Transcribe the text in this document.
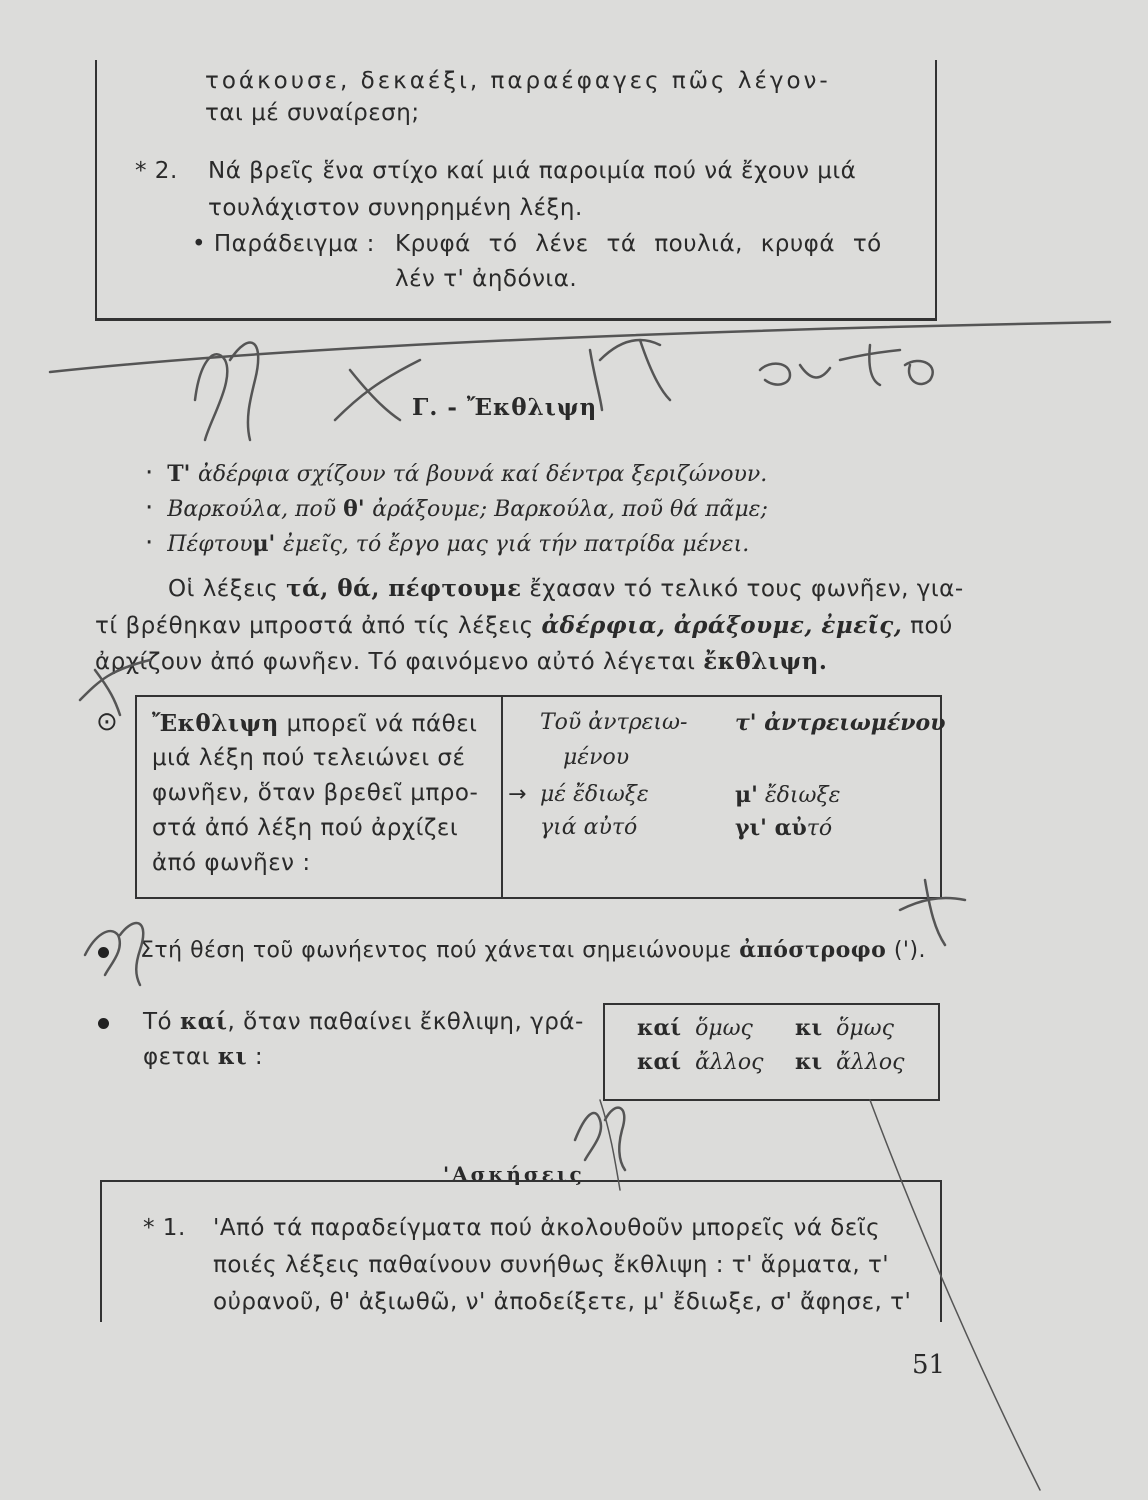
τοάκουσε, δεκαέξι, παραέφαγες πῶς λέγον-
ται μέ συναίρεση;
* 2. Νά βρεῖς ἕνα στίχο καί μιά παροιμία πού νά ἔχουν μιά
τουλάχιστον συνηρημένη λέξη.
• Παράδειγμα : Κρυφά τό λένε τά πουλιά, κρυφά τό
λέν τ' ἀηδόνια.
Γ. - Ἔκθλιψη
· Τ' ἀδέρφια σχίζουν τά βουνά καί δέντρα ξεριζώνουν.
· Βαρκούλα, ποῦ θ' ἀράξουμε; Βαρκούλα, ποῦ θά πᾶμε;
· Πέφτουμ' ἐμεῖς, τό ἔργο μας γιά τήν πατρίδα μένει.
Οἱ λέξεις τά, θά, πέφτουμε ἔχασαν τό τελικό τους φωνῆεν, για-
τί βρέθηκαν μπροστά ἀπό τίς λέξεις ἀδέρφια, ἀράξουμε, ἐμεῖς, πού
ἀρχίζουν ἀπό φωνῆεν. Τό φαινόμενο αὐτό λέγεται ἔκθλιψη.
⊙ Ἔκθλιψη μπορεῖ νά πάθει
μιά λέξη πού τελειώνει σέ
φωνῆεν, ὅταν βρεθεῖ μπρο-
στά ἀπό λέξη πού ἀρχίζει
ἀπό φωνῆεν :
Τοῦ ἀντρειω-
μένου
τ' ἀντρειωμένου
→ μέ ἔδιωξε	μ' ἔδιωξε
γιά αὐτό	γι' αὐτό
Στή θέση τοῦ φωνήεντος πού χάνεται σημειώνουμε ἀπόστροφο (').
Τό καί, ὅταν παθαίνει ἔκθλιψη, γρά-
φεται κι :
καί ὅμως κι ὅμως
καί ἄλλος κι ἄλλος
'Ασκήσεις
* 1. 'Από τά παραδείγματα πού ἀκολουθοῦν μπορεῖς νά δεῖς
ποιές λέξεις παθαίνουν συνήθως ἔκθλιψη : τ' ἅρματα, τ'
οὐρανοῦ, θ' ἀξιωθῶ, ν' ἀποδείξετε, μ' ἔδιωξε, σ' ἄφησε, τ'
51
